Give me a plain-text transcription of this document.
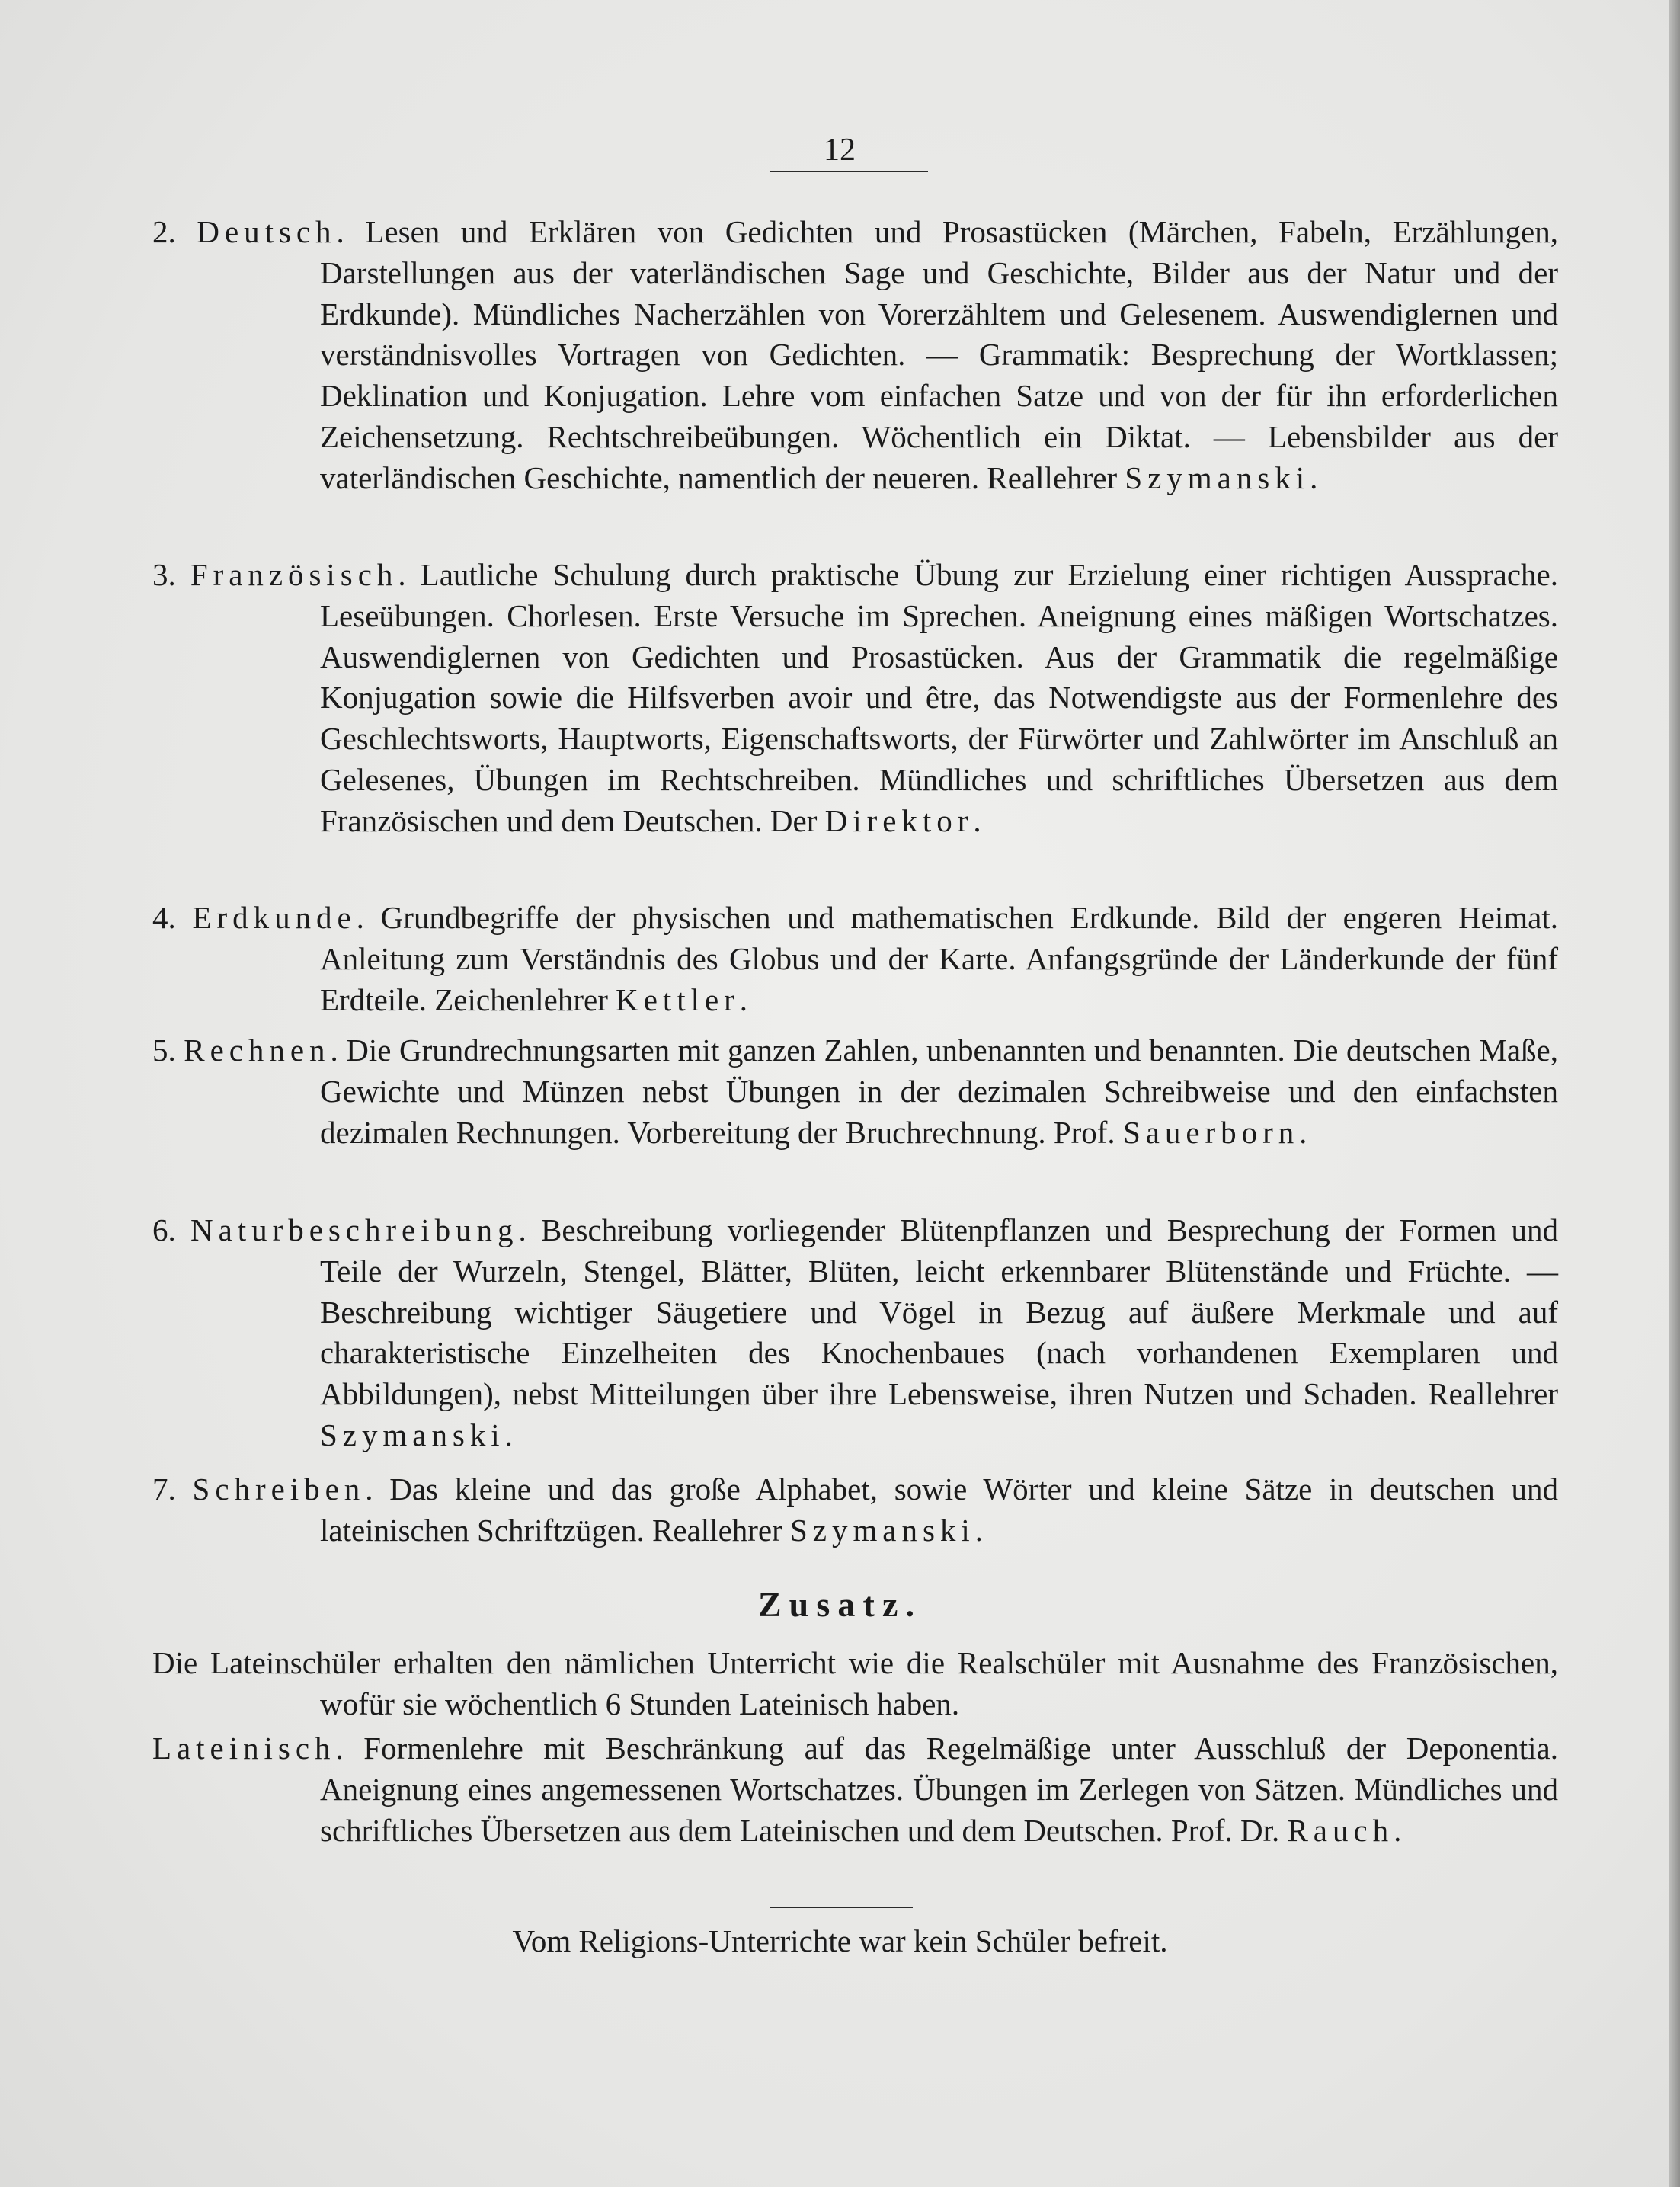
12

2. Deutsch. Lesen und Erklären von Gedichten und Prosastücken (Märchen, Fabeln, Erzählungen, Darstellungen aus der vaterländischen Sage und Geschichte, Bilder aus der Natur und der Erdkunde). Mündliches Nacherzählen von Vorerzähltem und Gelesenem. Auswendiglernen und verständnisvolles Vortragen von Gedichten. — Grammatik: Besprechung der Wortklassen; Deklination und Konjugation. Lehre vom einfachen Satze und von der für ihn erforderlichen Zeichensetzung. Rechtschreibeübungen. Wöchentlich ein Diktat. — Lebensbilder aus der vaterländischen Geschichte, namentlich der neueren. Reallehrer Szymanski.

3. Französisch. Lautliche Schulung durch praktische Übung zur Erzielung einer richtigen Aussprache. Leseübungen. Chorlesen. Erste Versuche im Sprechen. Aneignung eines mäßigen Wortschatzes. Auswendiglernen von Gedichten und Prosastücken. Aus der Grammatik die regelmäßige Konjugation sowie die Hilfsverben avoir und être, das Notwendigste aus der Formenlehre des Geschlechtsworts, Hauptworts, Eigenschaftsworts, der Fürwörter und Zahlwörter im Anschluß an Gelesenes, Übungen im Rechtschreiben. Mündliches und schriftliches Übersetzen aus dem Französischen und dem Deutschen. Der Direktor.

4. Erdkunde. Grundbegriffe der physischen und mathematischen Erdkunde. Bild der engeren Heimat. Anleitung zum Verständnis des Globus und der Karte. Anfangsgründe der Länderkunde der fünf Erdteile. Zeichenlehrer Kettler.

5. Rechnen. Die Grundrechnungsarten mit ganzen Zahlen, unbenannten und benannten. Die deutschen Maße, Gewichte und Münzen nebst Übungen in der dezimalen Schreibweise und den einfachsten dezimalen Rechnungen. Vorbereitung der Bruchrechnung. Prof. Sauerborn.

6. Naturbeschreibung. Beschreibung vorliegender Blütenpflanzen und Besprechung der Formen und Teile der Wurzeln, Stengel, Blätter, Blüten, leicht erkennbarer Blütenstände und Früchte. — Beschreibung wichtiger Säugetiere und Vögel in Bezug auf äußere Merkmale und auf charakteristische Einzelheiten des Knochenbaues (nach vorhandenen Exemplaren und Abbildungen), nebst Mitteilungen über ihre Lebensweise, ihren Nutzen und Schaden. Reallehrer Szymanski.

7. Schreiben. Das kleine und das große Alphabet, sowie Wörter und kleine Sätze in deutschen und lateinischen Schriftzügen. Reallehrer Szymanski.

Zusatz.

Die Lateinschüler erhalten den nämlichen Unterricht wie die Realschüler mit Ausnahme des Französischen, wofür sie wöchentlich 6 Stunden Lateinisch haben.

Lateinisch. Formenlehre mit Beschränkung auf das Regelmäßige unter Ausschluß der Deponentia. Aneignung eines angemessenen Wortschatzes. Übungen im Zerlegen von Sätzen. Mündliches und schriftliches Übersetzen aus dem Lateinischen und dem Deutschen. Prof. Dr. Rauch.

Vom Religions-Unterrichte war kein Schüler befreit.
